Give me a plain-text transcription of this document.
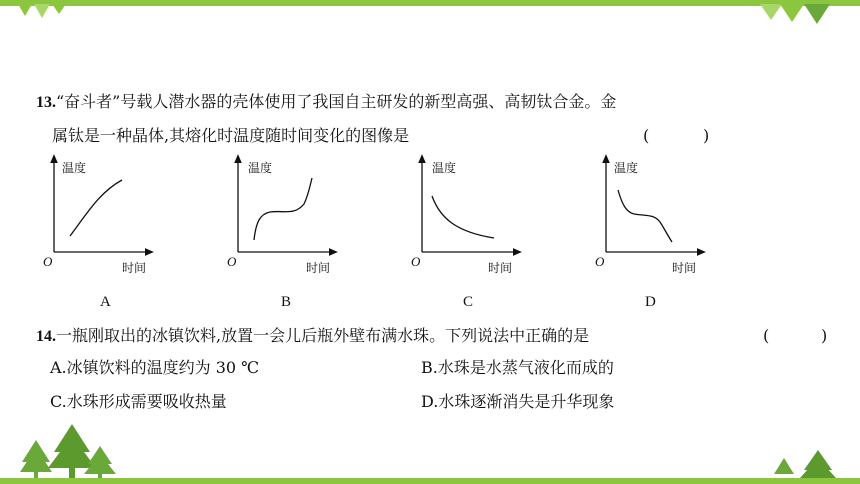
13.“奋斗者”号载人潜水器的壳体使用了我国自主研发的新型高强、高韧钛合金。金
属钛是一种晶体,其熔化时温度随时间变化的图像是	(	)
温度
时间
O
A
温度
时间
O
B
温度
时间
O
C
温度
时间
O
D
14.一瓶刚取出的冰镇饮料,放置一会儿后瓶外壁布满水珠。下列说法中正确的是	(	)
A.冰镇饮料的温度约为 30 ℃	B.水珠是水蒸气液化而成的
C.水珠形成需要吸收热量	D.水珠逐渐消失是升华现象
